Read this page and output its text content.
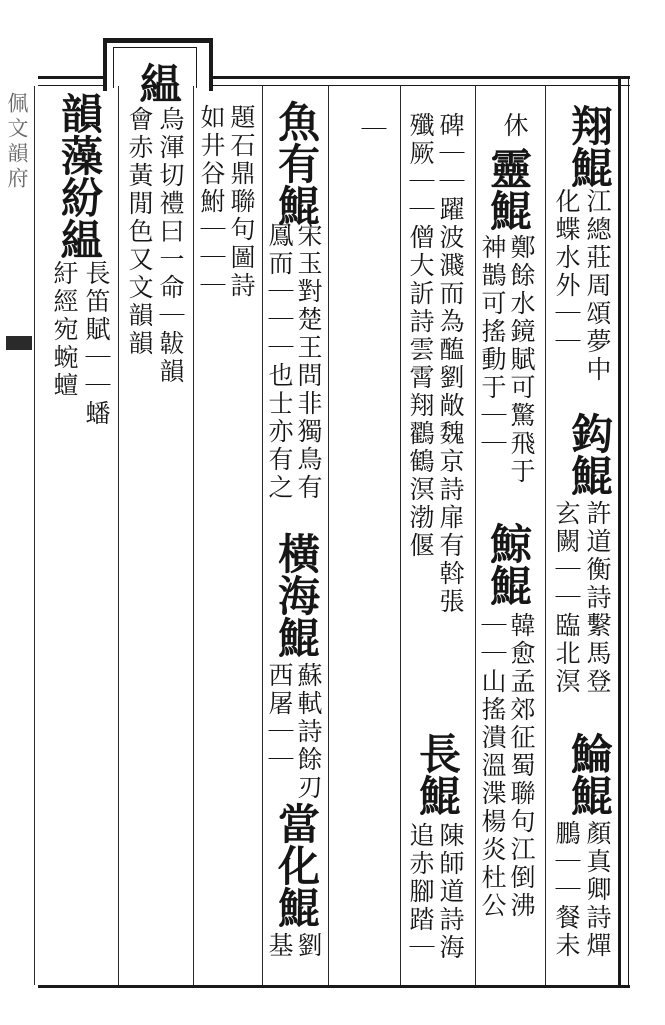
佩文韻府	翔鯤
江總莊周頌夢中
化蝶水外｜｜
鈎鯤
許道衡詩繫馬登
玄闕｜｜臨北溟
鯩鯤
顏真卿詩燀
鵬｜｜餐未
休
靈鯤
鄭餘水鏡賦可驚飛于
神鵲可搖動于｜｜
鯨鯤
韓愈孟郊征蜀聯句江倒沸
｜｜山搖潰溫渫楊炎杜公
碑｜｜躍波濺而為醢劉敞魏京詩扉有斡張
殲厥｜｜僧大訢詩雲霄翔鸐鶴溟渤偃
長鯤
陳師道詩海
追赤腳踏｜
｜
魚有鯤
宋玉對楚王問非獨鳥有
鳳而｜｜｜也士亦有之
橫海鯤
蘇軾詩餘刃
西屠｜｜
當化鯤
劉
基
題石鼎聯句圖詩
如井谷鮒｜｜｜
緼
烏渾切禮曰一命｜韍韻
會赤黃閒色又文韻韻
韻藻紛緼
長笛賦｜｜蟠
紆經宛蜿蟺
